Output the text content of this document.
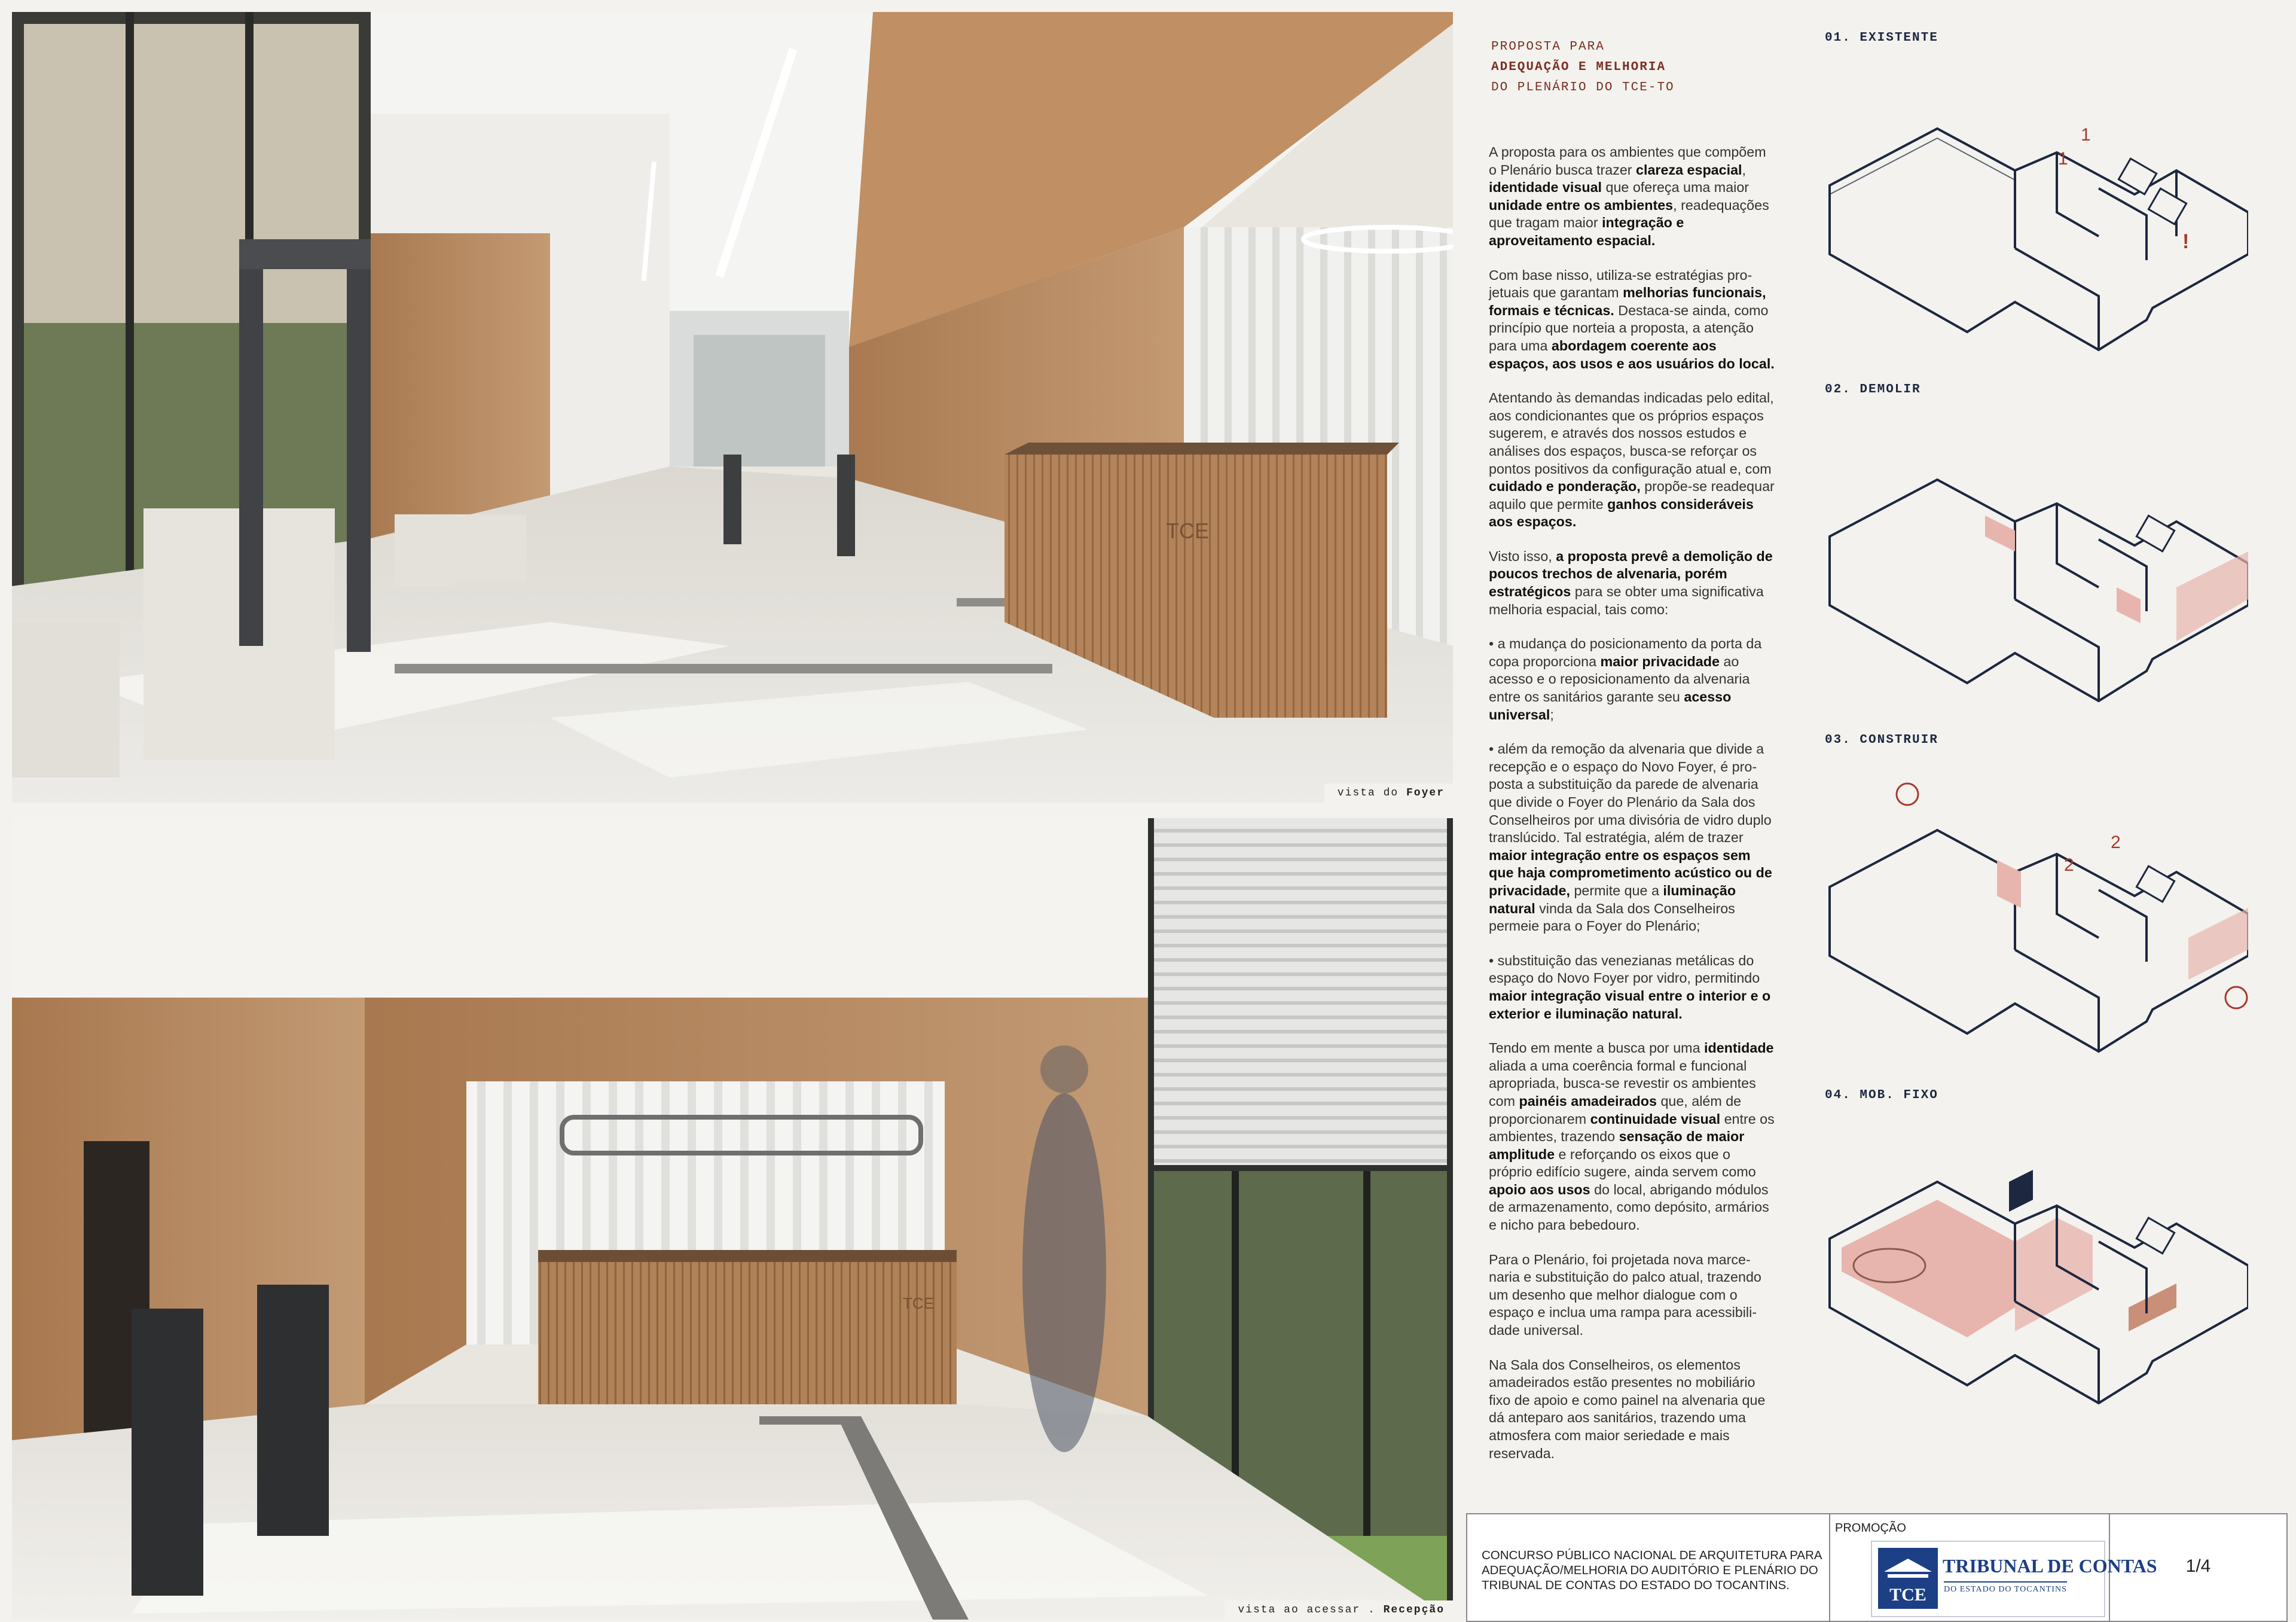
TCE
vista do Foyer
TCE
vista ao acessar . Recepção
PROPOSTA PARA
ADEQUAÇÃO E MELHORIA
DO PLENÁRIO DO TCE-TO

A proposta para os ambientes que compõem o Plenário busca trazer clareza espacial, identidade visual que ofereça uma maior unidade entre os ambientes, readequações que tragam maior integração e aproveitamento espacial.

Com base nisso, utiliza-se estratégias projetuais que garantam melhorias funcionais, formais e técnicas. Destaca-se ainda, como princípio que norteia a proposta, a atenção para uma abordagem coerente aos espaços, aos usos e aos usuários do local.

Atentando às demandas indicadas pelo edital, aos condicionantes que os próprios espaços sugerem, e através dos nossos estudos e análises dos espaços, busca-se reforçar os pontos positivos da configuração atual e, com cuidado e ponderação, propõe-se readequar aquilo que permite ganhos consideráveis aos espaços.

Visto isso, a proposta prevê a demolição de poucos trechos de alvenaria, porém estratégicos para se obter uma significativa melhoria espacial, tais como:

• a mudança do posicionamento da porta da copa proporciona maior privacidade ao acesso e o reposicionamento da alvenaria entre os sanitários garante seu acesso universal;

• além da remoção da alvenaria que divide a recepção e o espaço do Novo Foyer, é proposta a substituição da parede de alvenaria que divide o Foyer do Plenário da Sala dos Conselheiros por uma divisória de vidro duplo translúcido. Tal estratégia, além de trazer maior integração entre os espaços sem que haja comprometimento acústico ou de privacidade, permite que a iluminação natural vinda da Sala dos Conselheiros permeie para o Foyer do Plenário;

• substituição das venezianas metálicas do espaço do Novo Foyer por vidro, permitindo maior integração visual entre o interior e o exterior e iluminação natural.

Tendo em mente a busca por uma identidade aliada a uma coerência formal e funcional apropriada, busca-se revestir os ambientes com painéis amadeirados que, além de proporcionarem continuidade visual entre os ambientes, trazendo sensação de maior amplitude e reforçando os eixos que o próprio edifício sugere, ainda servem como apoio aos usos do local, abrigando módulos de armazenamento, como depósito, armários e nicho para bebedouro.

Para o Plenário, foi projetada nova marcenaria e substituição do palco atual, trazendo um desenho que melhor dialogue com o espaço e inclua uma rampa para acessibilidade universal.

Na Sala dos Conselheiros, os elementos amadeirados estão presentes no mobiliário fixo de apoio e como painel na alvenaria que dá anteparo aos sanitários, trazendo uma atmosfera com maior seriedade e mais reservada.

01. EXISTENTE
1
1
!
02. DEMOLIR
03. CONSTRUIR
2
2
04. MOB. FIXO
CONCURSO PÚBLICO NACIONAL DE ARQUITETURA PARA ADEQUAÇÃO/MELHORIA DO AUDITÓRIO E PLENÁRIO DO TRIBUNAL DE CONTAS DO ESTADO DO TOCANTINS.
PROMOÇÃO
TCE
TRIBUNAL DE CONTAS
DO ESTADO DO TOCANTINS
1/4
